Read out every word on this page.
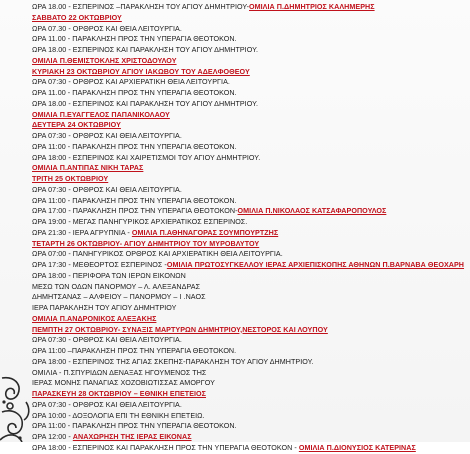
ΩΡΑ 18.00 - ΕΣΠΕΡΙΝΟΣ –ΠΑΡΑΚΛΗΣΗ ΤΟΥ ΑΓΙΟΥ ΔΗΜΗΤΡΙΟΥ-ΟΜΙΛΙΑ Π.ΔΗΜΗΤΡΙΟΣ ΚΑΛΗΜΕΡΗΣ
ΣΑΒΒΑΤΟ 22 ΟΚΤΩΒΡΙΟΥ
ΩΡΑ 07.30 - ΟΡΘΡΟΣ ΚΑΙ ΘΕΙΑ ΛΕΙΤΟΥΡΓΙΑ.
ΩΡΑ 11.00 - ΠΑΡΑΚΛΗΣΗ ΠΡΟΣ ΤΗΝ ΥΠΕΡΑΓΙΑ ΘΕΟΤΟΚΟΝ.
ΩΡΑ 18.00 - ΕΣΠΕΡΙΝΟΣ ΚΑΙ ΠΑΡΑΚΛΗΣΗ ΤΟΥ ΑΓΙΟΥ ΔΗΜΗΤΡΙΟΥ.
ΟΜΙΛΙΑ Π.ΘΕΜΙΣΤΟΚΛΗΣ ΧΡΙΣΤΟΔΟΥΛΟΥ
ΚΥΡΙΑΚΗ 23 ΟΚΤΩΒΡΙΟΥ ΑΓΙΟΥ ΙΑΚΩΒΟΥ ΤΟΥ ΑΔΕΛΦΟΘΕΟΥ
ΩΡΑ 07:30 - ΟΡΘΡΟΣ ΚΑΙ ΑΡΧΙΕΡΑΤΙΚΗ ΘΕΙΑ ΛΕΙΤΟΥΡΓΙΑ.
ΩΡΑ 11.00 - ΠΑΡΑΚΛΗΣΗ ΠΡΟΣ ΤΗΝ ΥΠΕΡΑΓΙΑ ΘΕΟΤΟΚΟΝ.
ΩΡΑ 18.00 - ΕΣΠΕΡΙΝΟΣ ΚΑΙ ΠΑΡΑΚΛΗΣΗ ΤΟΥ ΑΓΙΟΥ ΔΗΜΗΤΡΙΟΥ.
ΟΜΙΛΙΑ Π.ΕΥΑΓΓΕΛΟΣ ΠΑΠΑΝΙΚΟΛΑΟΥ
ΔΕΥΤΕΡΑ 24 ΟΚΤΩΒΡΙΟΥ
ΩΡΑ 07:30 - ΟΡΘΡΟΣ ΚΑΙ ΘΕΙΑ ΛΕΙΤΟΥΡΓΙΑ.
ΩΡΑ 11:00 - ΠΑΡΑΚΛΗΣΗ ΠΡΟΣ ΤΗΝ ΥΠΕΡΑΓΙΑ ΘΕΟΤΟΚΟΝ.
ΩΡΑ 18:00 - ΕΣΠΕΡΙΝΟΣ ΚΑΙ ΧΑΙΡΕΤΙΣΜΟΙ ΤΟΥ ΑΓΙΟΥ ΔΗΜΗΤΡΙΟΥ.
ΟΜΙΛΙΑ Π.ΑΝΤΙΠΑΣ ΝΙΚΗ ΤΑΡΑΣ
ΤΡΙΤΗ 25 ΟΚΤΩΒΡΙΟΥ
ΩΡΑ 07:30 - ΟΡΘΡΟΣ ΚΑΙ ΘΕΙΑ ΛΕΙΤΟΥΡΓΙΑ.
ΩΡΑ 11:00 - ΠΑΡΑΚΛΗΣΗ ΠΡΟΣ ΤΗΝ ΥΠΕΡΑΓΙΑ ΘΕΟΤΟΚΟΝ.
ΩΡΑ 17:00 - ΠΑΡΑΚΛΗΣΗ ΠΡΟΣ ΤΗΝ ΥΠΕΡΑΓΙΑ ΘΕΟΤΟΚΟΝ-ΟΜΙΛΙΑ Π.ΝΙΚΟΛΑΟΣ ΚΑΤΣΑΦΑΡΟΠΟΥΛΟΣ
ΩΡΑ 19:00 - ΜΕΓΑΣ ΠΑΝΗΓΥΡΙΚΟΣ ΑΡΧΙΕΡΑΤΙΚΟΣ ΕΣΠΕΡΙΝΟΣ.
ΩΡΑ 21:30 - ΙΕΡΑ ΑΓΡΥΠΝΙΑ - ΟΜΙΛΙΑ Π.ΑΘΗΝΑΓΟΡΑΣ ΣΟΥΜΠΟΥΡΤΖΗΣ
ΤΕΤΑΡΤΗ 26 ΟΚΤΩΒΡΙΟΥ- ΑΓΙΟΥ ΔΗΜΗΤΡΙΟΥ ΤΟΥ ΜΥΡΟΒΛΥΤΟΥ
ΩΡΑ 07:00 - ΠΑΝΗΓΥΡΙΚΟΣ ΟΡΘΡΟΣ ΚΑΙ ΑΡΧΙΕΡΑΤΙΚΗ ΘΕΙΑ ΛΕΙΤΟΥΡΓΙΑ.
ΩΡΑ 17:30 - ΜΕΘΕΟΡΤΟΣ ΕΣΠΕΡΙΝΟΣ -ΟΜΙΛΙΑ ΠΡΩΤΟΣΥΓΚΕΛΛΟΥ ΙΕΡΑΣ ΑΡΧΙΕΠΙΣΚΟΠΗΣ ΑΘΗΝΩΝ Π.ΒΑΡΝΑΒΑ ΘΕΟΧΑΡΗ
ΩΡΑ 18:00 - ΠΕΡΙΦΟΡΑ ΤΩΝ ΙΕΡΩΝ ΕΙΚΟΝΩΝ
ΜΕΣΩ ΤΩΝ ΟΔΩΝ ΠΑΝΟΡΜΟΥ – Λ. ΑΛΕΞΑΝΔΡΑΣ
ΔΗΜΗΤΣΑΝΑΣ – ΑΛΦΕΙΟΥ – ΠΑΝΟΡΜΟΥ – Ι .ΝΑΟΣ
ΙΕΡΑ ΠΑΡΑΚΛΗΣΗ ΤΟΥ ΑΓΙΟΥ ΔΗΜΗΤΡΙΟΥ
ΟΜΙΛΙΑ Π.ΑΝΔΡΟΝΙΚΟΣ ΑΛΕΞΑΚΗΣ
ΠΕΜΠΤΗ 27 ΟΚΤΩΒΡΙΟΥ- ΣΥΝΑΞΙΣ ΜΑΡΤΥΡΩΝ ΔΗΜΗΤΡΙΟΥ,ΝΕΣΤΟΡΟΣ ΚΑΙ ΛΟΥΠΟΥ
ΩΡΑ 07:30 - ΟΡΘΡΟΣ ΚΑΙ ΘΕΙΑ ΛΕΙΤΟΥΡΓΙΑ.
ΩΡΑ 11:00 –ΠΑΡΑΚΛΗΣΗ ΠΡΟΣ ΤΗΝ ΥΠΕΡΑΓΙΑ ΘΕΟΤΟΚΟΝ.
ΩΡΑ 18:00 - ΕΣΠΕΡΙΝΟΣ ΤΗΣ ΑΓΙΑΣ ΣΚΕΠΗΣ-ΠΑΡΑΚΛΗΣΗ ΤΟΥ ΑΓΙΟΥ ΔΗΜΗΤΡΙΟΥ.
ΟΜΙΛΙΑ - Π.ΣΠΥΡΙΔΩΝ ΔΕΝΑΞΑΣ ΗΓΟΥΜΕΝΟΣ ΤΗΣ
ΙΕΡΑΣ ΜΟΝΗΣ ΠΑΝΑΓΙΑΣ ΧΟΖΟΒΙΩΤΙΣΣΑΣ ΑΜΟΡΓΟΥ
ΠΑΡΑΣΚΕΥΗ 28 ΟΚΤΩΒΡΙΟΥ – ΕΘΝΙΚΗ ΕΠΕΤΕΙΟΣ
ΩΡΑ 07:30 - ΟΡΘΡΟΣ ΚΑΙ ΘΕΙΑ ΛΕΙΤΟΥΡΓΙΑ.
ΩΡΑ 10:00 - ΔΟΞΟΛΟΓΙΑ ΕΠΙ ΤΗ ΕΘΝΙΚΗ ΕΠΕΤΕΙΩ.
ΩΡΑ 11:00 - ΠΑΡΑΚΛΗΣΗ ΠΡΟΣ ΤΗΝ ΥΠΕΡΑΓΙΑ ΘΕΟΤΟΚΟΝ.
ΩΡΑ 12:00 - ΑΝΑΧΩΡΗΣΗ ΤΗΣ ΙΕΡΑΣ ΕΙΚΟΝΑΣ
ΩΡΑ 18:00 - ΕΣΠΕΡΙΝΟΣ ΚΑΙ ΠΑΡΑΚΛΗΣΗ ΠΡΟΣ ΤΗΝ ΥΠΕΡΑΓΙΑ ΘΕΟΤΟΚΟΝ - ΟΜΙΛΙΑ Π.ΔΙΟΝΥΣΙΟΣ ΚΑΤΕΡΙΝΑΣ
